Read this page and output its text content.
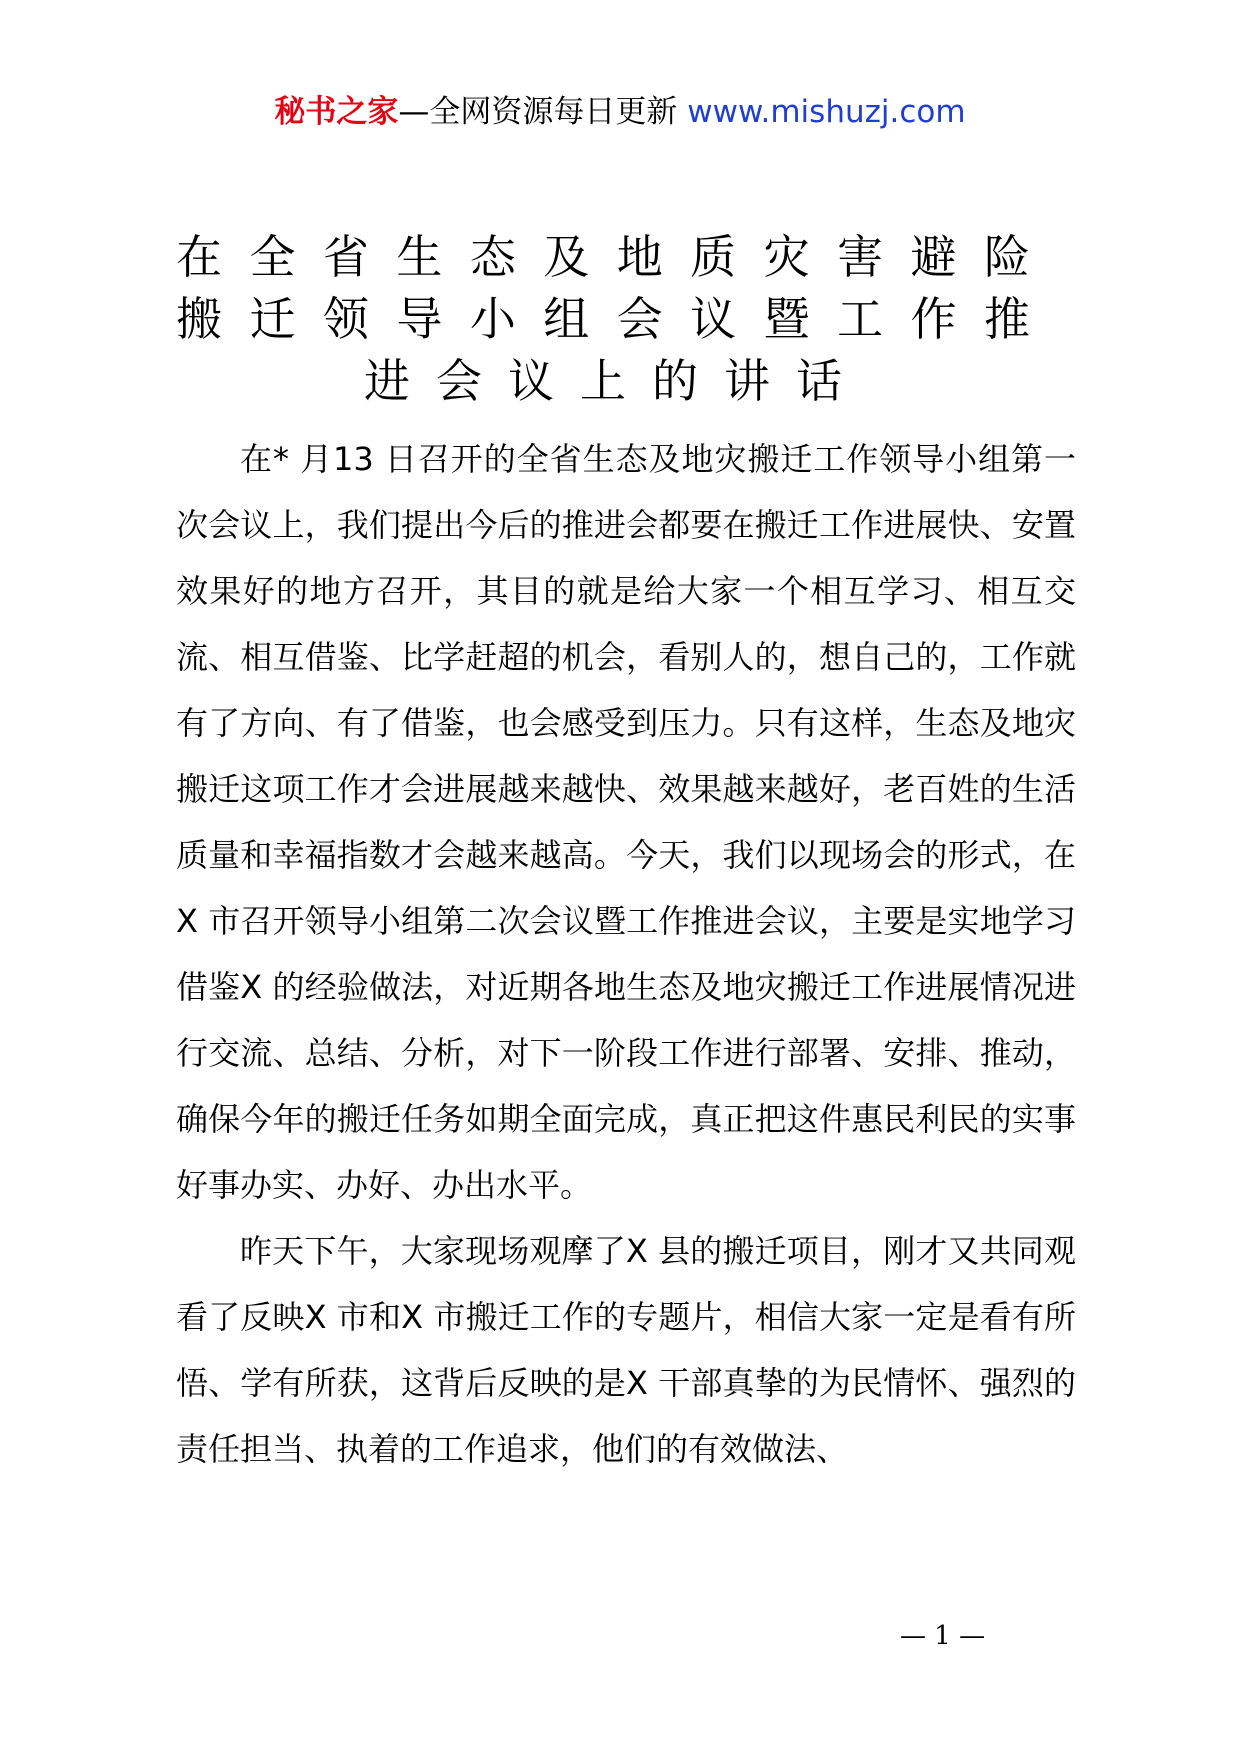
秘书之家—全网资源每日更新 www.mishuzj.com
在全省生态及地质灾害避险搬迁领导小组会议暨工作推进会议上的讲话

在* 月13 日召开的全省生态及地灾搬迁工作领导小组第一次会议上，我们提出今后的推进会都要在搬迁工作进展快、安置效果好的地方召开，其目的就是给大家一个相互学习、相互交流、相互借鉴、比学赶超的机会，看别人的，想自己的，工作就有了方向、有了借鉴，也会感受到压力。只有这样，生态及地灾搬迁这项工作才会进展越来越快、效果越来越好，老百姓的生活质量和幸福指数才会越来越高。今天，我们以现场会的形式，在X 市召开领导小组第二次会议暨工作推进会议，主要是实地学习借鉴X 的经验做法，对近期各地生态及地灾搬迁工作进展情况进行交流、总结、分析，对下一阶段工作进行部署、安排、推动，确保今年的搬迁任务如期全面完成，真正把这件惠民利民的实事好事办实、办好、办出水平。

昨天下午，大家现场观摩了X 县的搬迁项目，刚才又共同观看了反映X 市和X 市搬迁工作的专题片，相信大家一定是看有所悟、学有所获，这背后反映的是X 干部真挚的为民情怀、强烈的责任担当、执着的工作追求，他们的有效做法、

— 1 —
